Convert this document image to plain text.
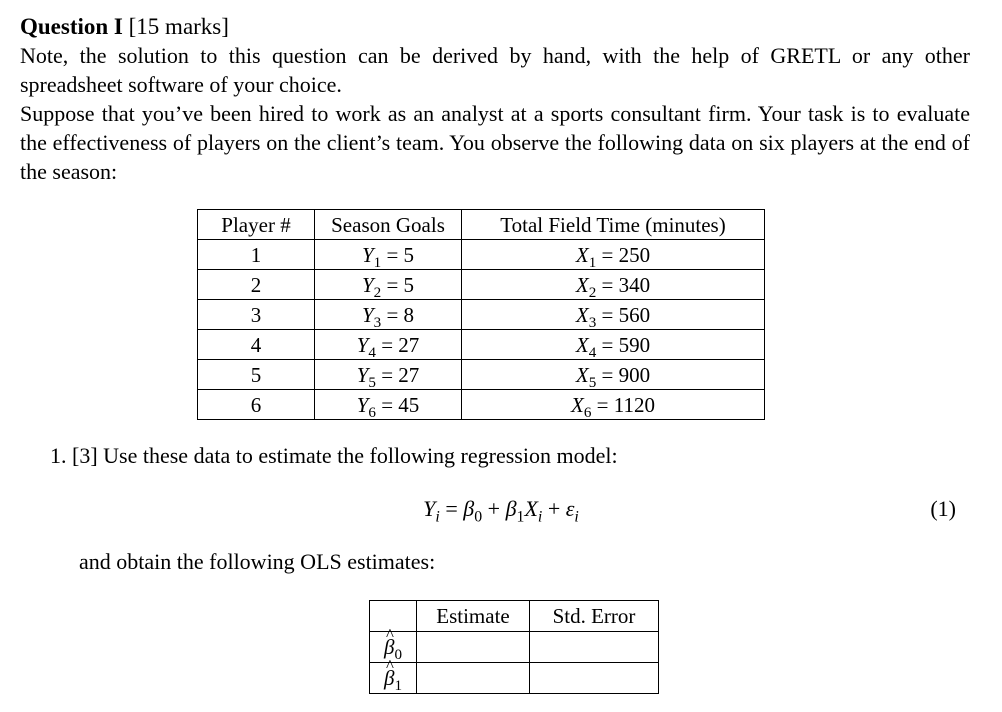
Question I [15 marks]

Note, the solution to this question can be derived by hand, with the help of GRETL or any other spreadsheet software of your choice.

Suppose that you’ve been hired to work as an analyst at a sports consultant firm. Your task is to evaluate the effectiveness of players on the client’s team. You observe the following data on six players at the end of the season:

Player #	Season Goals	Total Field Time (minutes)
1	$Y_1 = 5$	$X_1 = 250$
2	$Y_2 = 5$	$X_2 = 340$
3	$Y_3 = 8$	$X_3 = 560$
4	$Y_4 = 27$	$X_4 = 590$
5	$Y_5 = 27$	$X_5 = 900$
6	$Y_6 = 45$	$X_6 = 1120$
1. [3] Use these data to estimate the following regression model:
$Y_i = \beta_0 + \beta_1X_i + \varepsilon_i$	(1)
and obtain the following OLS estimates:
	Estimate	Std. Error
^ $\beta_0$		
^ $\beta_1$		
